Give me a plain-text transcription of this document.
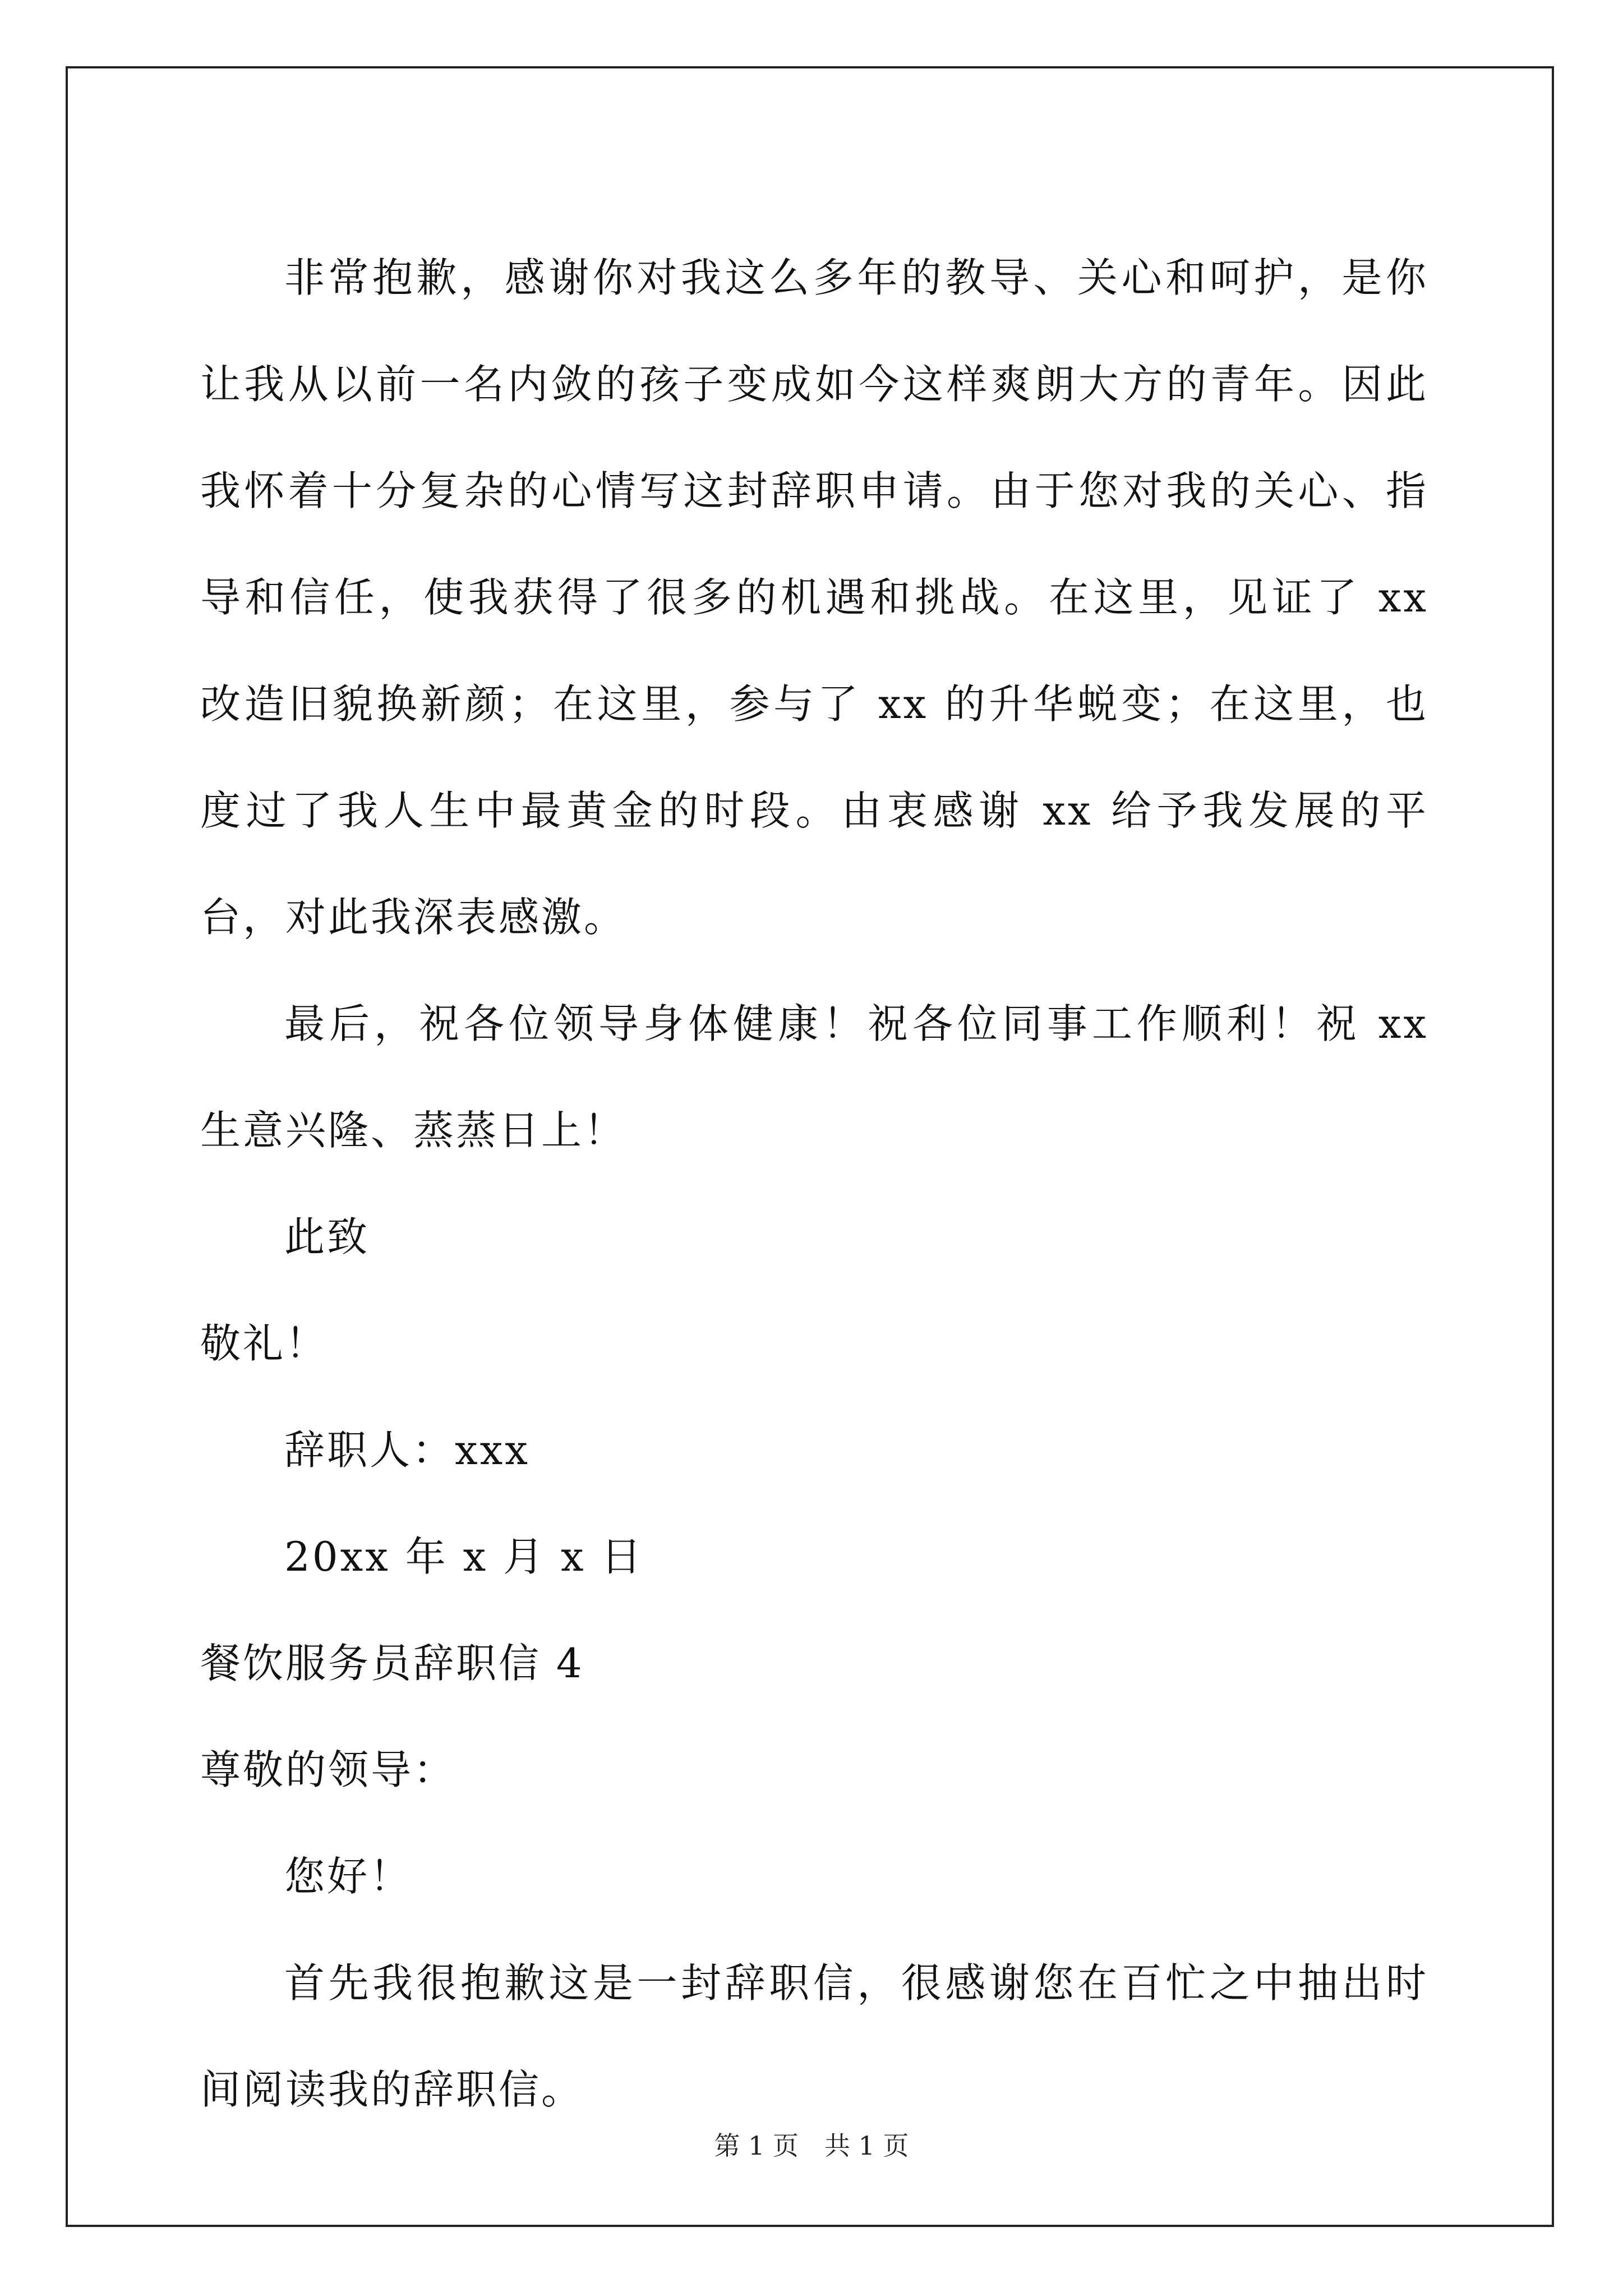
非常抱歉，感谢你对我这么多年的教导、关心和呵护，是你让我从以前一名内敛的孩子变成如今这样爽朗大方的青年。因此我怀着十分复杂的心情写这封辞职申请。由于您对我的关心、指导和信任，使我获得了很多的机遇和挑战。在这里，见证了 xx 改造旧貌换新颜；在这里，参与了 xx 的升华蜕变；在这里，也度过了我人生中最黄金的时段。由衷感谢 xx 给予我发展的平台，对此我深表感激。

最后，祝各位领导身体健康！祝各位同事工作顺利！祝 xx 生意兴隆、蒸蒸日上！

此致

敬礼！

辞职人：xxx

20xx 年 x 月 x 日

餐饮服务员辞职信 4

尊敬的领导：

您好！

首先我很抱歉这是一封辞职信，很感谢您在百忙之中抽出时间阅读我的辞职信。

第 1 页　共 1 页
